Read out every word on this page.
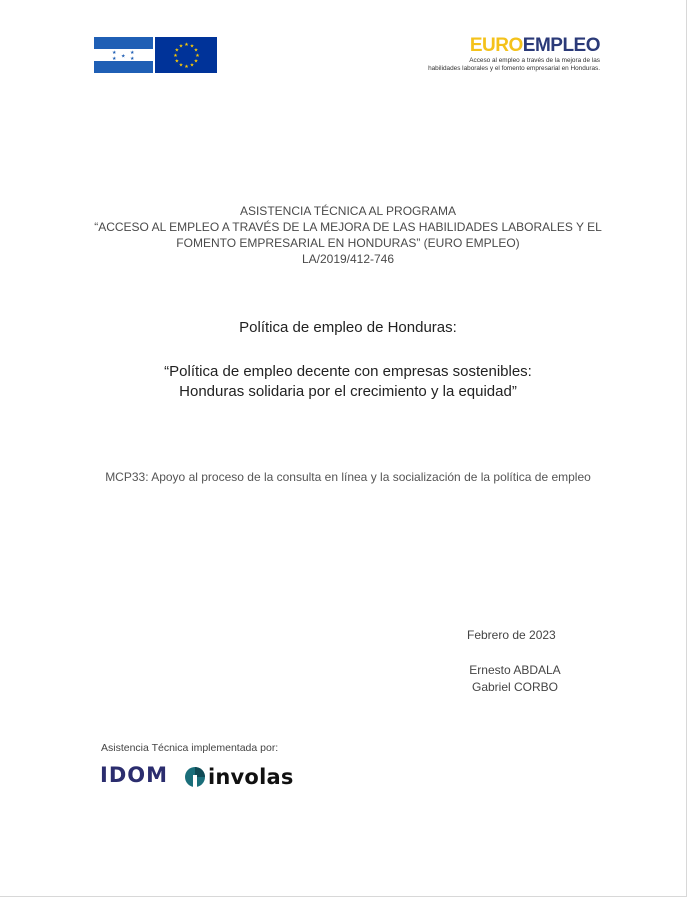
★	★
★
★	★
★ ★
★
★
★
★
★
★
★
★
★
★	EUROEMPLEO
Acceso al empleo a través de la mejora de las
habilidades laborales y el fomento empresarial en Honduras.
ASISTENCIA TÉCNICA AL PROGRAMA
“ACCESO AL EMPLEO A TRAVÉS DE LA MEJORA DE LAS HABILIDADES LABORALES Y EL
FOMENTO EMPRESARIAL EN HONDURAS” (EURO EMPLEO)
LA/2019/412-746
Política de empleo de Honduras:
“Política de empleo decente con empresas sostenibles:
Honduras solidaria por el crecimiento y la equidad”
MCP33: Apoyo al proceso de la consulta en línea y la socialización de la política de empleo
Febrero de 2023
Ernesto ABDALA
Gabriel CORBO
Asistencia Técnica implementada por:
IDOM involas
